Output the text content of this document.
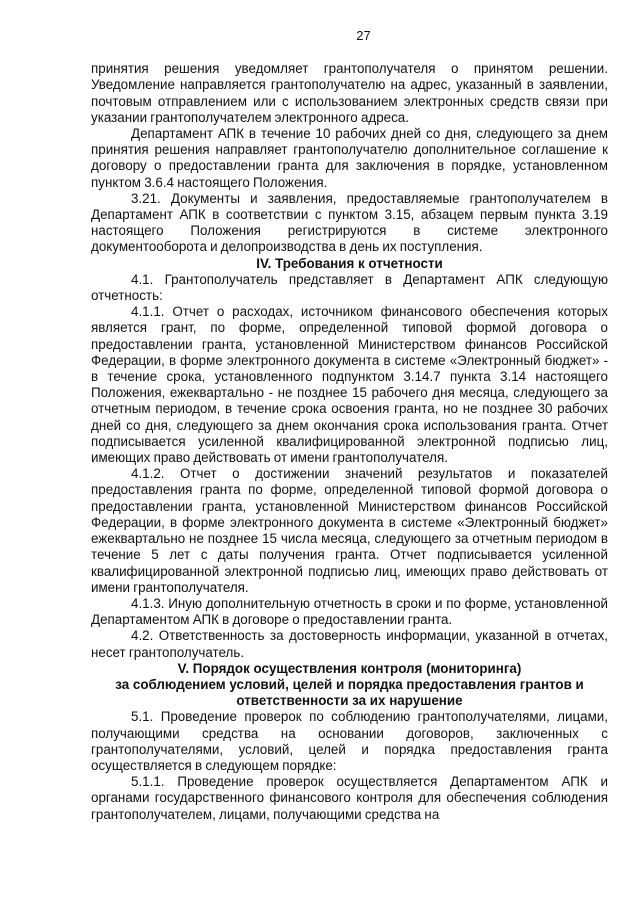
27

принятия решения уведомляет грантополучателя о принятом решении. Уведомление направляется грантополучателю на адрес, указанный в заявлении, почтовым отправлением или с использованием электронных средств связи при указании грантополучателем электронного адреса.

Департамент АПК в течение 10 рабочих дней со дня, следующего за днем принятия решения направляет грантополучателю дополнительное соглашение к договору о предоставлении гранта для заключения в порядке, установленном пунктом 3.6.4 настоящего Положения.

3.21. Документы и заявления, предоставляемые грантополучателем в Департамент АПК в соответствии с пунктом 3.15, абзацем первым пункта 3.19 настоящего Положения регистрируются в системе электронного документооборота и делопроизводства в день их поступления.

IV. Требования к отчетности

4.1. Грантополучатель представляет в Департамент АПК следующую отчетность:

4.1.1. Отчет о расходах, источником финансового обеспечения которых является грант, по форме, определенной типовой формой договора о предоставлении гранта, установленной Министерством финансов Российской Федерации, в форме электронного документа в системе «Электронный бюджет» - в течение срока, установленного подпунктом 3.14.7 пункта 3.14 настоящего Положения, ежеквартально - не позднее 15 рабочего дня месяца, следующего за отчетным периодом, в течение срока освоения гранта, но не позднее 30 рабочих дней со дня, следующего за днем окончания срока использования гранта. Отчет подписывается усиленной квалифицированной электронной подписью лиц, имеющих право действовать от имени грантополучателя.

4.1.2. Отчет о достижении значений результатов и показателей предоставления гранта по форме, определенной типовой формой договора о предоставлении гранта, установленной Министерством финансов Российской Федерации, в форме электронного документа в системе «Электронный бюджет» ежеквартально не позднее 15 числа месяца, следующего за отчетным периодом в течение 5 лет с даты получения гранта. Отчет подписывается усиленной квалифицированной электронной подписью лиц, имеющих право действовать от имени грантополучателя.

4.1.3. Иную дополнительную отчетность в сроки и по форме, установленной Департаментом АПК в договоре о предоставлении гранта.

4.2. Ответственность за достоверность информации, указанной в отчетах, несет грантополучатель.

V. Порядок осуществления контроля (мониторинга)
за соблюдением условий, целей и порядка предоставления грантов и ответственности за их нарушение

5.1. Проведение проверок по соблюдению грантополучателями, лицами, получающими средства на основании договоров, заключенных с грантополучателями, условий, целей и порядка предоставления гранта осуществляется в следующем порядке:

5.1.1. Проведение проверок осуществляется Департаментом АПК и органами государственного финансового контроля для обеспечения соблюдения грантополучателем, лицами, получающими средства на
